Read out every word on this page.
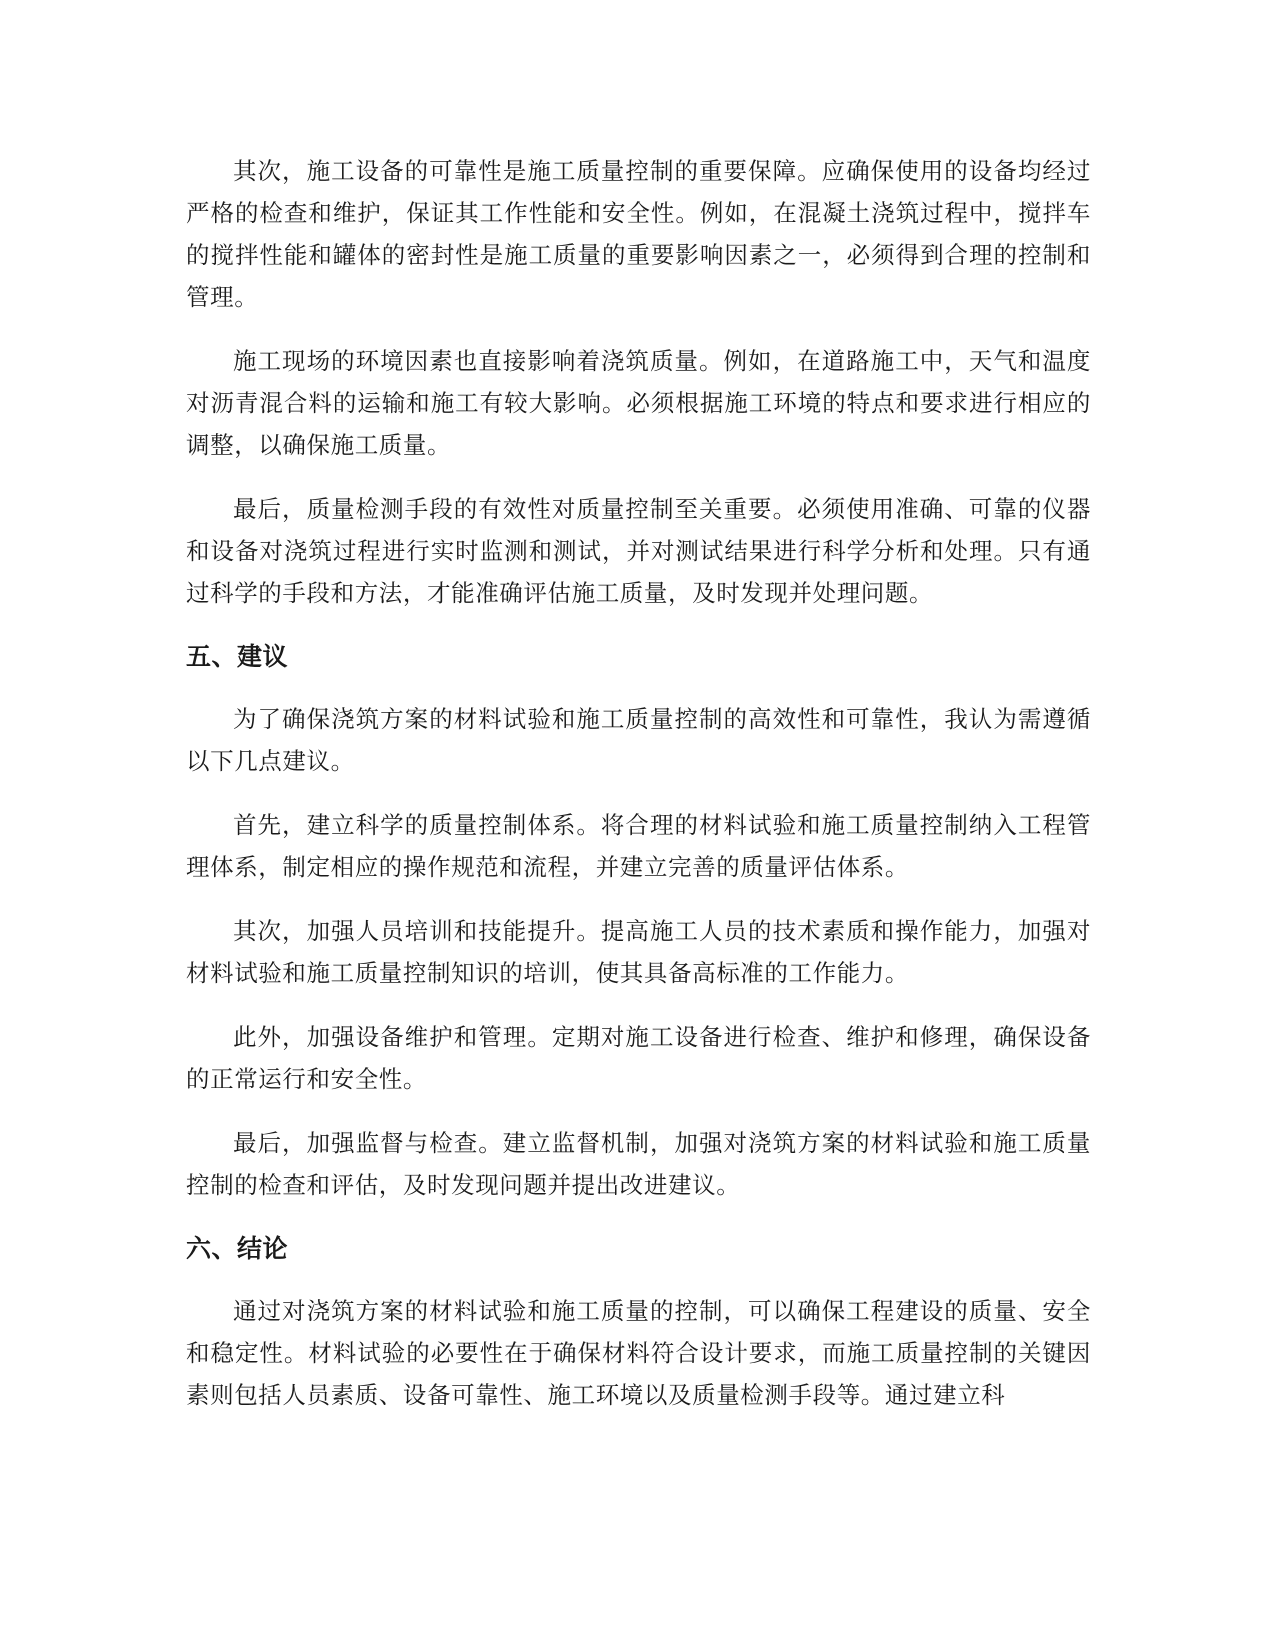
其次，施工设备的可靠性是施工质量控制的重要保障。应确保使用的设备均经过严格的检查和维护，保证其工作性能和安全性。例如，在混凝土浇筑过程中，搅拌车的搅拌性能和罐体的密封性是施工质量的重要影响因素之一，必须得到合理的控制和管理。

施工现场的环境因素也直接影响着浇筑质量。例如，在道路施工中，天气和温度对沥青混合料的运输和施工有较大影响。必须根据施工环境的特点和要求进行相应的调整，以确保施工质量。

最后，质量检测手段的有效性对质量控制至关重要。必须使用准确、可靠的仪器和设备对浇筑过程进行实时监测和测试，并对测试结果进行科学分析和处理。只有通过科学的手段和方法，才能准确评估施工质量，及时发现并处理问题。

五、建议

为了确保浇筑方案的材料试验和施工质量控制的高效性和可靠性，我认为需遵循以下几点建议。

首先，建立科学的质量控制体系。将合理的材料试验和施工质量控制纳入工程管理体系，制定相应的操作规范和流程，并建立完善的质量评估体系。

其次，加强人员培训和技能提升。提高施工人员的技术素质和操作能力，加强对材料试验和施工质量控制知识的培训，使其具备高标准的工作能力。

此外，加强设备维护和管理。定期对施工设备进行检查、维护和修理，确保设备的正常运行和安全性。

最后，加强监督与检查。建立监督机制，加强对浇筑方案的材料试验和施工质量控制的检查和评估，及时发现问题并提出改进建议。

六、结论

通过对浇筑方案的材料试验和施工质量的控制，可以确保工程建设的质量、安全和稳定性。材料试验的必要性在于确保材料符合设计要求，而施工质量控制的关键因素则包括人员素质、设备可靠性、施工环境以及质量检测手段等。通过建立科
